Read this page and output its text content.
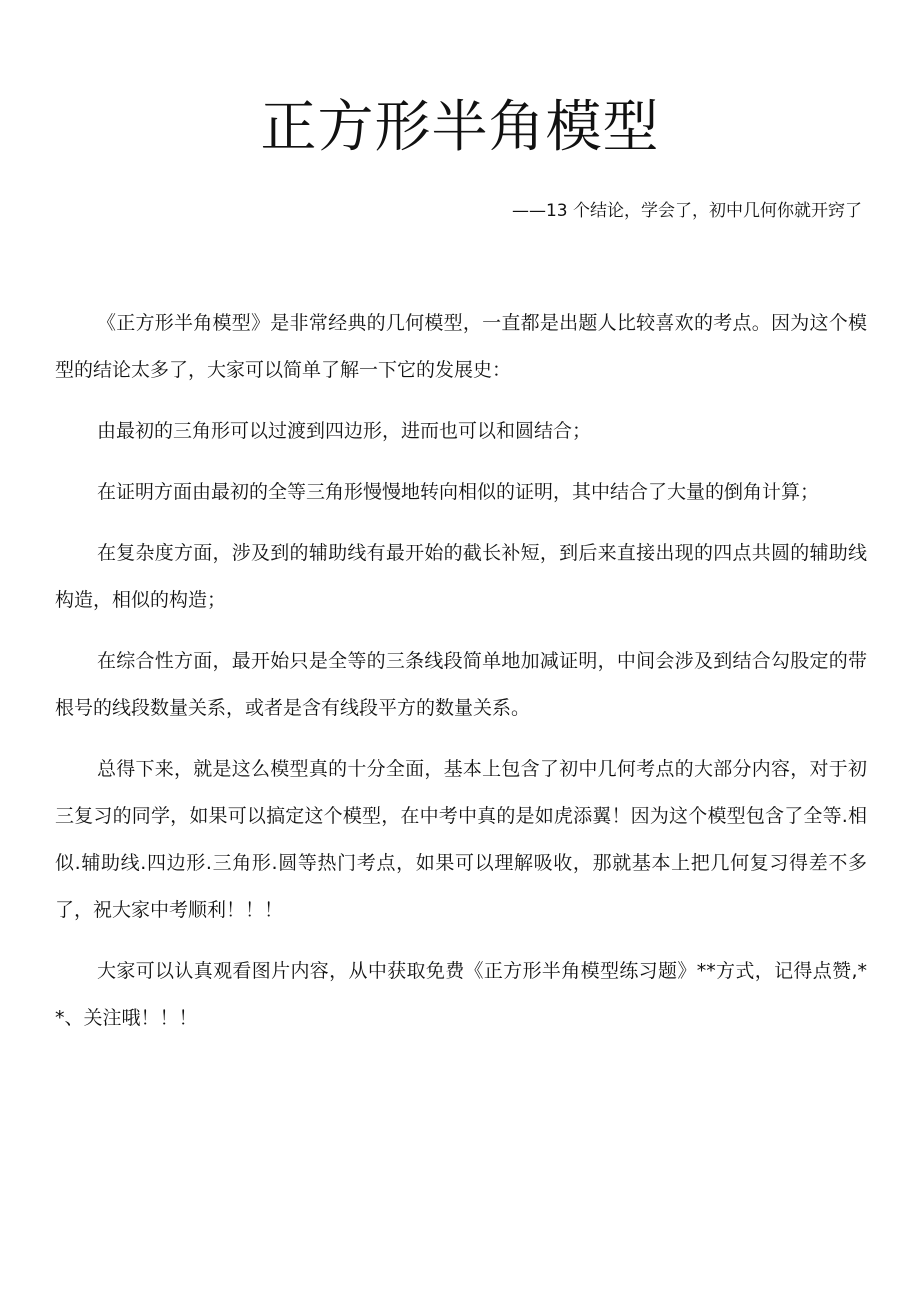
正方形半角模型

——13 个结论，学会了，初中几何你就开窍了

《正方形半角模型》是非常经典的几何模型，一直都是出题人比较喜欢的考点。因为这个模型的结论太多了，大家可以简单了解一下它的发展史：

由最初的三角形可以过渡到四边形，进而也可以和圆结合；

在证明方面由最初的全等三角形慢慢地转向相似的证明，其中结合了大量的倒角计算；

在复杂度方面，涉及到的辅助线有最开始的截长补短，到后来直接出现的四点共圆的辅助线构造，相似的构造；

在综合性方面，最开始只是全等的三条线段简单地加减证明，中间会涉及到结合勾股定的带根号的线段数量关系，或者是含有线段平方的数量关系。

总得下来，就是这么模型真的十分全面，基本上包含了初中几何考点的大部分内容，对于初三复习的同学，如果可以搞定这个模型，在中考中真的是如虎添翼！因为这个模型包含了全等.相似.辅助线.四边形.三角形.圆等热门考点，如果可以理解吸收，那就基本上把几何复习得差不多了，祝大家中考顺利！！！

大家可以认真观看图片内容，从中获取免费《正方形半角模型练习题》**方式，记得点赞,**、关注哦！！！
